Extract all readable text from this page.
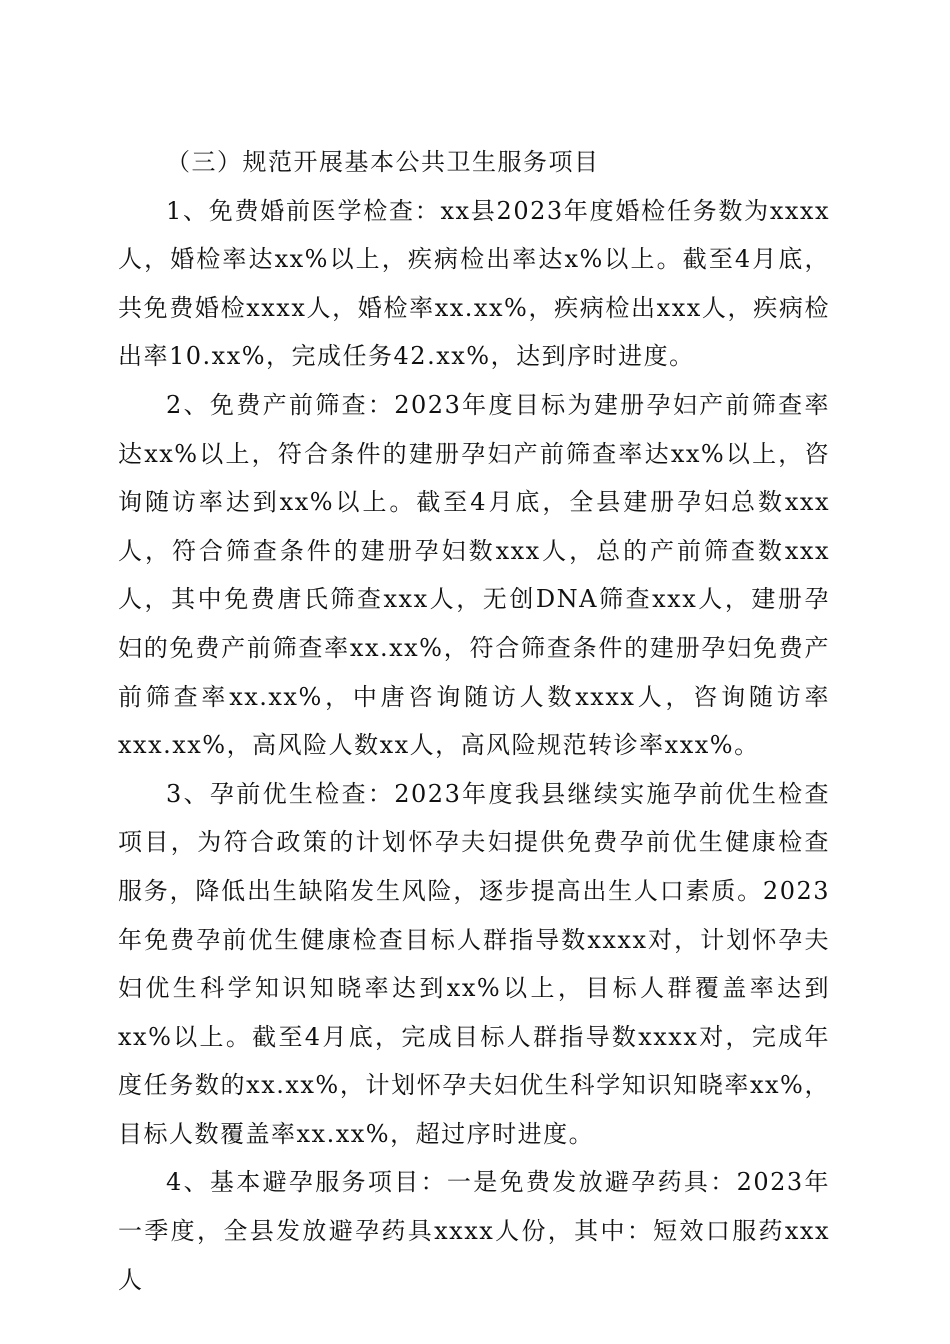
（三）规范开展基本公共卫生服务项目

1、免费婚前医学检查：xx县2023年度婚检任务数为xxxx人，婚检率达xx%以上，疾病检出率达x%以上。截至4月底，共免费婚检xxxx人，婚检率xx.xx%，疾病检出xxx人，疾病检出率10.xx%，完成任务42.xx%，达到序时进度。

2、免费产前筛查：2023年度目标为建册孕妇产前筛查率达xx%以上，符合条件的建册孕妇产前筛查率达xx%以上，咨询随访率达到xx%以上。截至4月底，全县建册孕妇总数xxx人，符合筛查条件的建册孕妇数xxx人，总的产前筛查数xxx人，其中免费唐氏筛查xxx人，无创DNA筛查xxx人，建册孕妇的免费产前筛查率xx.xx%，符合筛查条件的建册孕妇免费产前筛查率xx.xx%，中唐咨询随访人数xxxx人，咨询随访率xxx.xx%，高风险人数xx人，高风险规范转诊率xxx%。

3、孕前优生检查：2023年度我县继续实施孕前优生检查项目，为符合政策的计划怀孕夫妇提供免费孕前优生健康检查服务，降低出生缺陷发生风险，逐步提高出生人口素质。2023年免费孕前优生健康检查目标人群指导数xxxx对，计划怀孕夫妇优生科学知识知晓率达到xx%以上，目标人群覆盖率达到xx%以上。截至4月底，完成目标人群指导数xxxx对，完成年度任务数的xx.xx%，计划怀孕夫妇优生科学知识知晓率xx%，目标人数覆盖率xx.xx%，超过序时进度。

4、基本避孕服务项目：一是免费发放避孕药具：2023年一季度，全县发放避孕药具xxxx人份，其中：短效口服药xxx人
